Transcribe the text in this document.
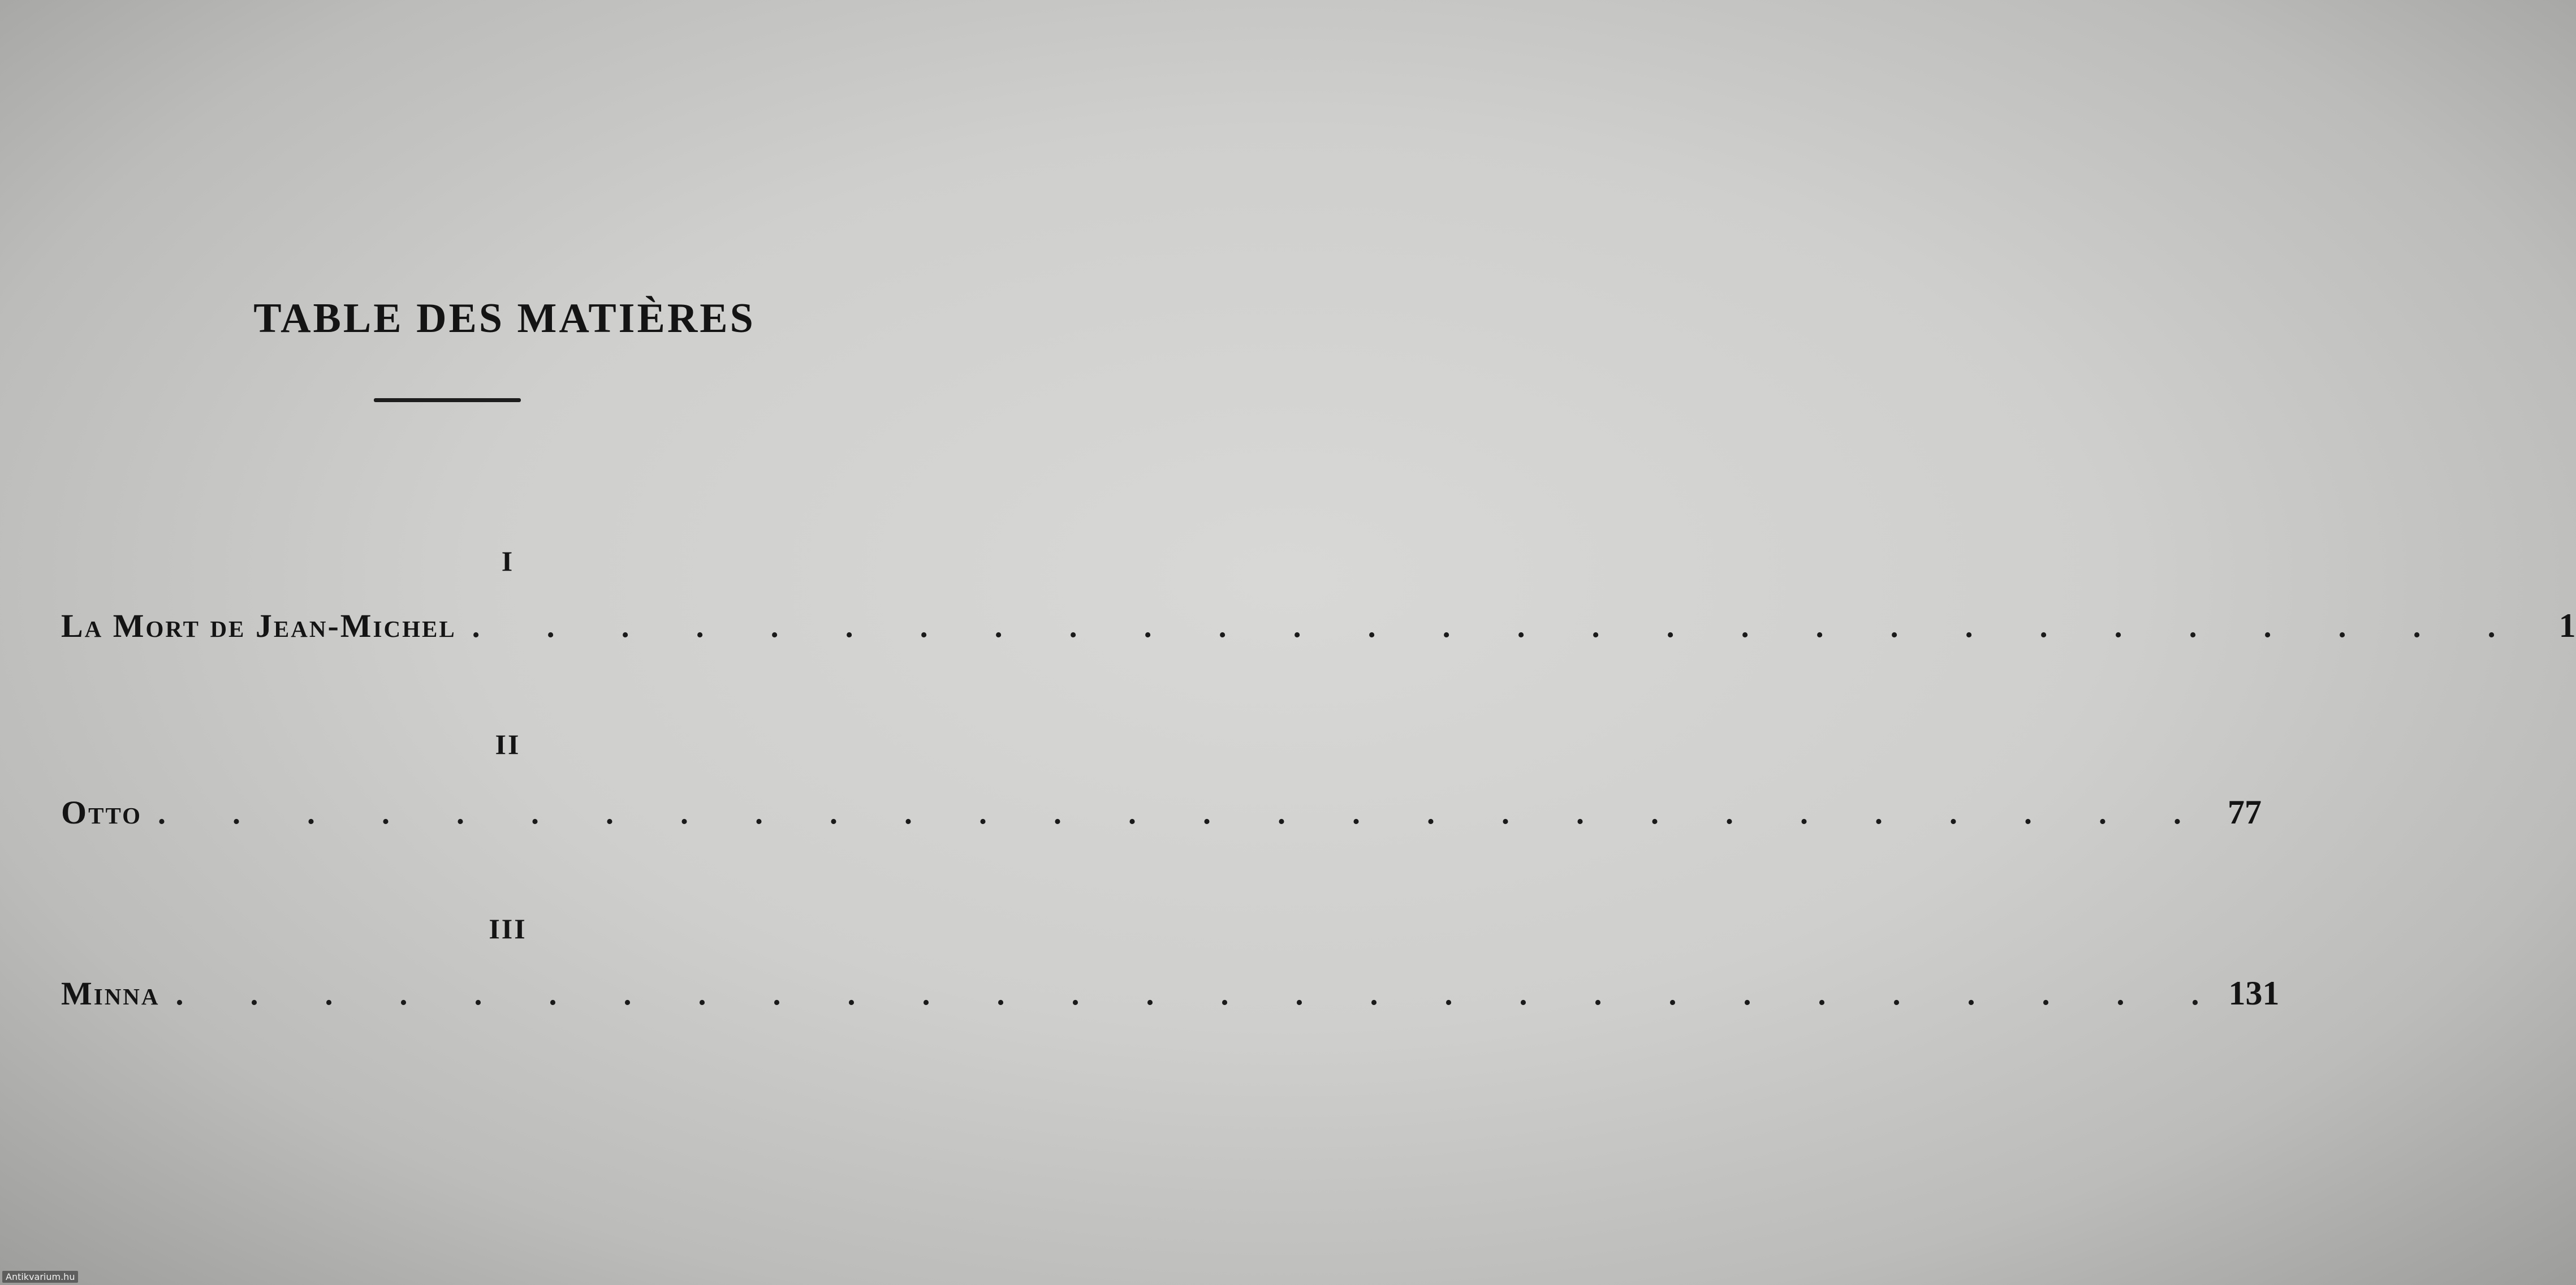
TABLE DES MATIÈRES
I
La Mort de Jean-Michel . . . . . . . . . . . . . . . . . . . . . . . . . . . .	1
II
Otto . . . . . . . . . . . . . . . . . . . . . . . . . . . . 77
III
Minna . . . . . . . . . . . . . . . . . . . . . . . . . . . . 131
Antikvarium.hu
